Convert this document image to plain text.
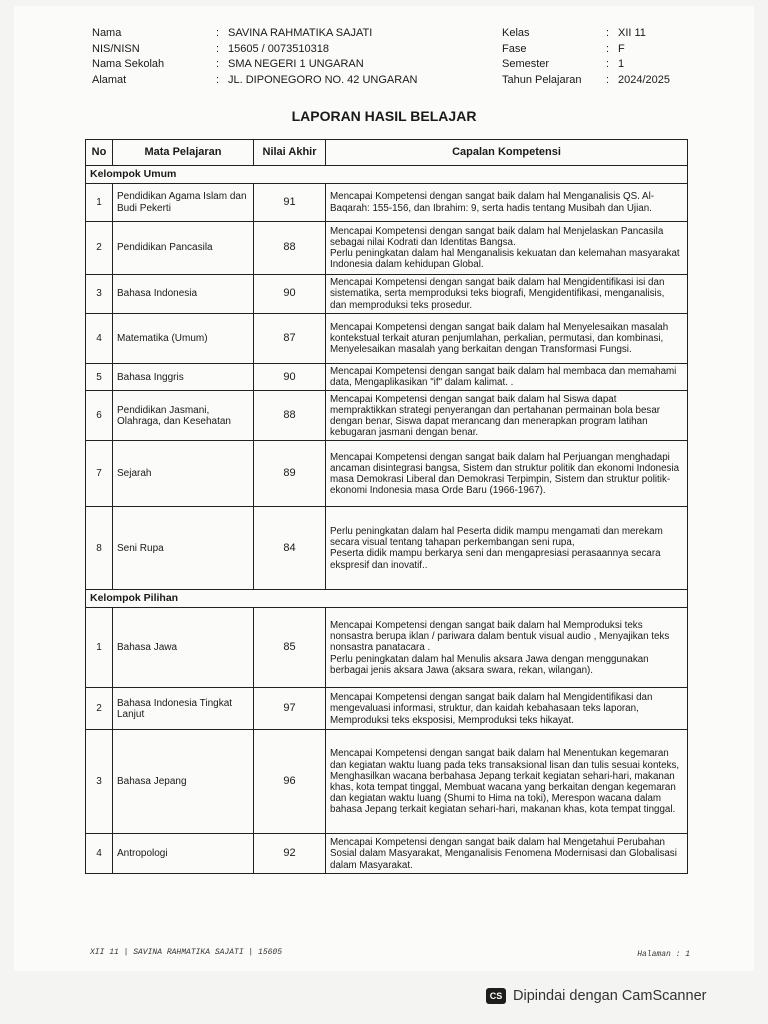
Nama	: SAVINA RAHMATIKA SAJATI
NIS/NISN	: 15605 / 0073510318
Nama Sekolah	: SMA NEGERI 1 UNGARAN
Alamat	: JL. DIPONEGORO NO. 42 UNGARAN
Kelas	: XII 11
Fase	: F
Semester	: 1
Tahun Pelajaran	: 2024/2025
LAPORAN HASIL BELAJAR
No	Mata Pelajaran	Nilai Akhir	Capalan Kompetensi
Kelompok Umum			
1	Pendidikan Agama Islam dan Budi Pekerti	91	Mencapai Kompetensi dengan sangat baik dalam hal Menganalisis QS. Al-Baqarah: 155-156, dan Ibrahim: 9, serta hadis tentang Musibah dan Ujian.
2	Pendidikan Pancasila	88	Mencapai Kompetensi dengan sangat baik dalam hal Menjelaskan Pancasila sebagai nilai Kodrati dan Identitas Bangsa.
Perlu peningkatan dalam hal Menganalisis kekuatan dan kelemahan masyarakat Indonesia dalam kehidupan Global.
3	Bahasa Indonesia	90	Mencapai Kompetensi dengan sangat baik dalam hal Mengidentifikasi isi dan sistematika, serta memproduksi teks biografi, Mengidentifikasi, menganalisis, dan memproduksi teks prosedur.
4	Matematika (Umum)	87	Mencapai Kompetensi dengan sangat baik dalam hal Menyelesaikan masalah kontekstual terkait aturan penjumlahan, perkalian, permutasi, dan kombinasi, Menyelesaikan masalah yang berkaitan dengan Transformasi Fungsi.
5	Bahasa Inggris	90	Mencapai Kompetensi dengan sangat baik dalam hal membaca dan memahami data, Mengaplikasikan "if" dalam kalimat. .
6	Pendidikan Jasmani, Olahraga, dan Kesehatan	88	Mencapai Kompetensi dengan sangat baik dalam hal Siswa dapat mempraktikkan strategi penyerangan dan pertahanan permainan bola besar dengan benar, Siswa dapat merancang dan menerapkan program latihan kebugaran jasmani dengan benar.
7	Sejarah	89	Mencapai Kompetensi dengan sangat baik dalam hal Perjuangan menghadapi ancaman disintegrasi bangsa, Sistem dan struktur politik dan ekonomi Indonesia masa Demokrasi Liberal dan Demokrasi Terpimpin, Sistem dan struktur politik-ekonomi Indonesia masa Orde Baru (1966-1967).
8	Seni Rupa	84	Perlu peningkatan dalam hal Peserta didik mampu mengamati dan merekam secara visual tentang tahapan perkembangan seni rupa,
Peserta didik mampu berkarya seni dan mengapresiasi perasaannya secara ekspresif dan inovatif..
Kelompok Pilihan			
1	Bahasa Jawa	85	Mencapai Kompetensi dengan sangat baik dalam hal Memproduksi teks nonsastra berupa iklan / pariwara dalam bentuk visual audio , Menyajikan teks nonsastra panatacara .
Perlu peningkatan dalam hal Menulis aksara Jawa dengan menggunakan berbagai jenis aksara Jawa (aksara swara, rekan, wilangan).
2	Bahasa Indonesia Tingkat Lanjut	97	Mencapai Kompetensi dengan sangat baik dalam hal Mengidentifikasi dan mengevaluasi informasi, struktur, dan kaidah kebahasaan teks laporan, Memproduksi teks eksposisi, Memproduksi teks hikayat.
3	Bahasa Jepang	96	Mencapai Kompetensi dengan sangat baik dalam hal Menentukan kegemaran dan kegiatan waktu luang pada teks transaksional lisan dan tulis sesuai konteks, Menghasilkan wacana berbahasa Jepang terkait kegiatan sehari-hari, makanan khas, kota tempat tinggal, Membuat wacana yang berkaitan dengan kegemaran dan kegiatan waktu luang (Shumi to Hima na toki), Merespon wacana dalam bahasa Jepang terkait kegiatan sehari-hari, makanan khas, kota tempat tinggal.
4	Antropologi	92	Mencapai Kompetensi dengan sangat baik dalam hal Mengetahui Perubahan Sosial dalam Masyarakat, Menganalisis Fenomena Modernisasi dan Globalisasi dalam Masyarakat.
XII 11 | SAVINA RAHMATIKA SAJATI | 15605	Halaman : 1
CS Dipindai dengan CamScanner
